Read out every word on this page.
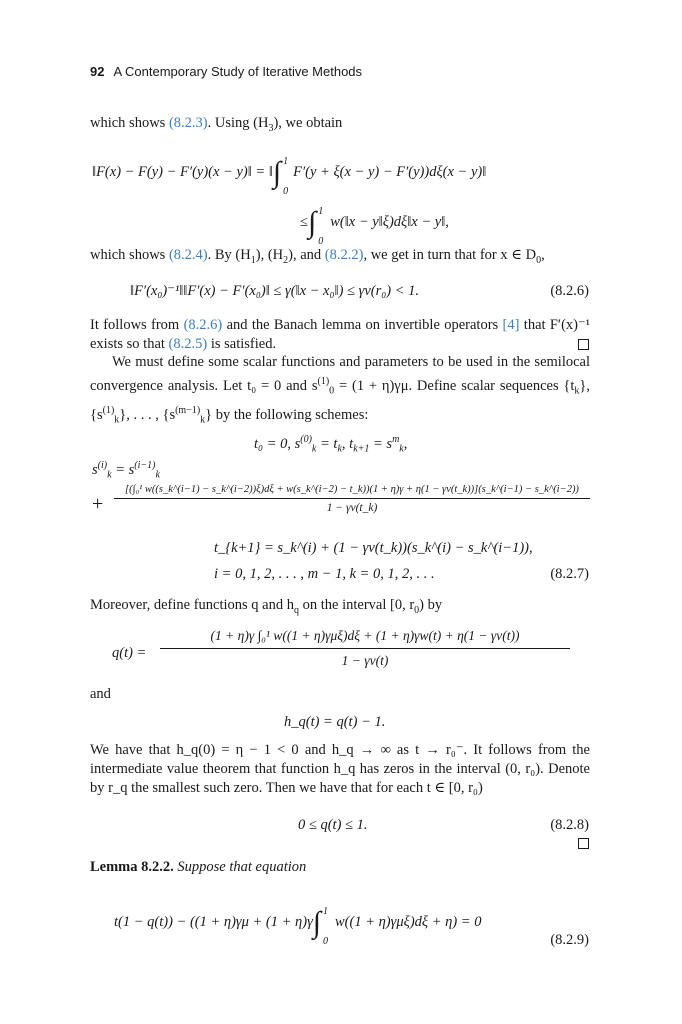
92 A Contemporary Study of Iterative Methods
which shows (8.2.3). Using $(H_3)$, we obtain
‖F(x) − F(y) − F′(y)(x − y)‖ = ‖∫ 1
0
F′(y + ξ(x − y) − F′(y))dξ(x − y)‖
≤∫ 1
0
w(‖x − y‖ξ)dξ‖x − y‖,
which shows (8.2.4). By $(H_1)$, $(H_2)$, and (8.2.2), we get in turn that for x ∈ $D_0$,
‖F′(x₀)⁻¹‖‖F′(x) − F′(x₀)‖ ≤ γ(‖x − x₀‖) ≤ γv(r₀) < 1.	(8.2.6)
It follows from (8.2.6) and the Banach lemma on invertible operators [4] that F′(x)⁻¹ exists so that (8.2.5) is satisfied.
We must define some scalar functions and parameters to be used in the semilocal convergence analysis. Let t₀ = 0 and $s^{(1)}_0 = (1 + \eta)\gamma\mu$. Define scalar sequences $\{t_k\}$, $\{s^{(1)}_k\}$, . . . , $\{s^{(m-1)}_k\}$ by the following schemes:
t₀ = 0, $s^{(0)}_k = t_k$, $t_{k+1} = s^m_k$,
$s^{(i)}_k = s^{(i-1)}_k$
+
[(∫₀¹ w((s_k^(i−1) − s_k^(i−2))ξ)dξ + w(s_k^(i−2) − t_k))(1 + η)γ + η(1 − γv(t_k))](s_k^(i−1) − s_k^(i−2))
1 − γv(t_k)
t_{k+1} = s_k^(i) + (1 − γv(t_k))(s_k^(i) − s_k^(i−1)),
i = 0, 1, 2, . . . , m − 1, k = 0, 1, 2, . . .	(8.2.7)
Moreover, define functions q and $h_q$ on the interval [0, $r_0$) by
q(t) =
(1 + η)γ ∫₀¹ w((1 + η)γμξ)dξ + (1 + η)γw(t) + η(1 − γv(t))
1 − γv(t)
and
h_q(t) = q(t) − 1.
We have that h_q(0) = η − 1 < 0 and h_q → ∞ as t → r₀⁻. It follows from the intermediate value theorem that function h_q has zeros in the interval (0, r₀). Denote by r_q the smallest such zero. Then we have that for each t ∈ [0, r₀)
0 ≤ q(t) ≤ 1.	(8.2.8)
Lemma 8.2.2. Suppose that equation
t(1 − q(t)) − ((1 + η)γμ + (1 + η)γ∫ 1
0
w((1 + η)γμξ)dξ + η) = 0
(8.2.9)
